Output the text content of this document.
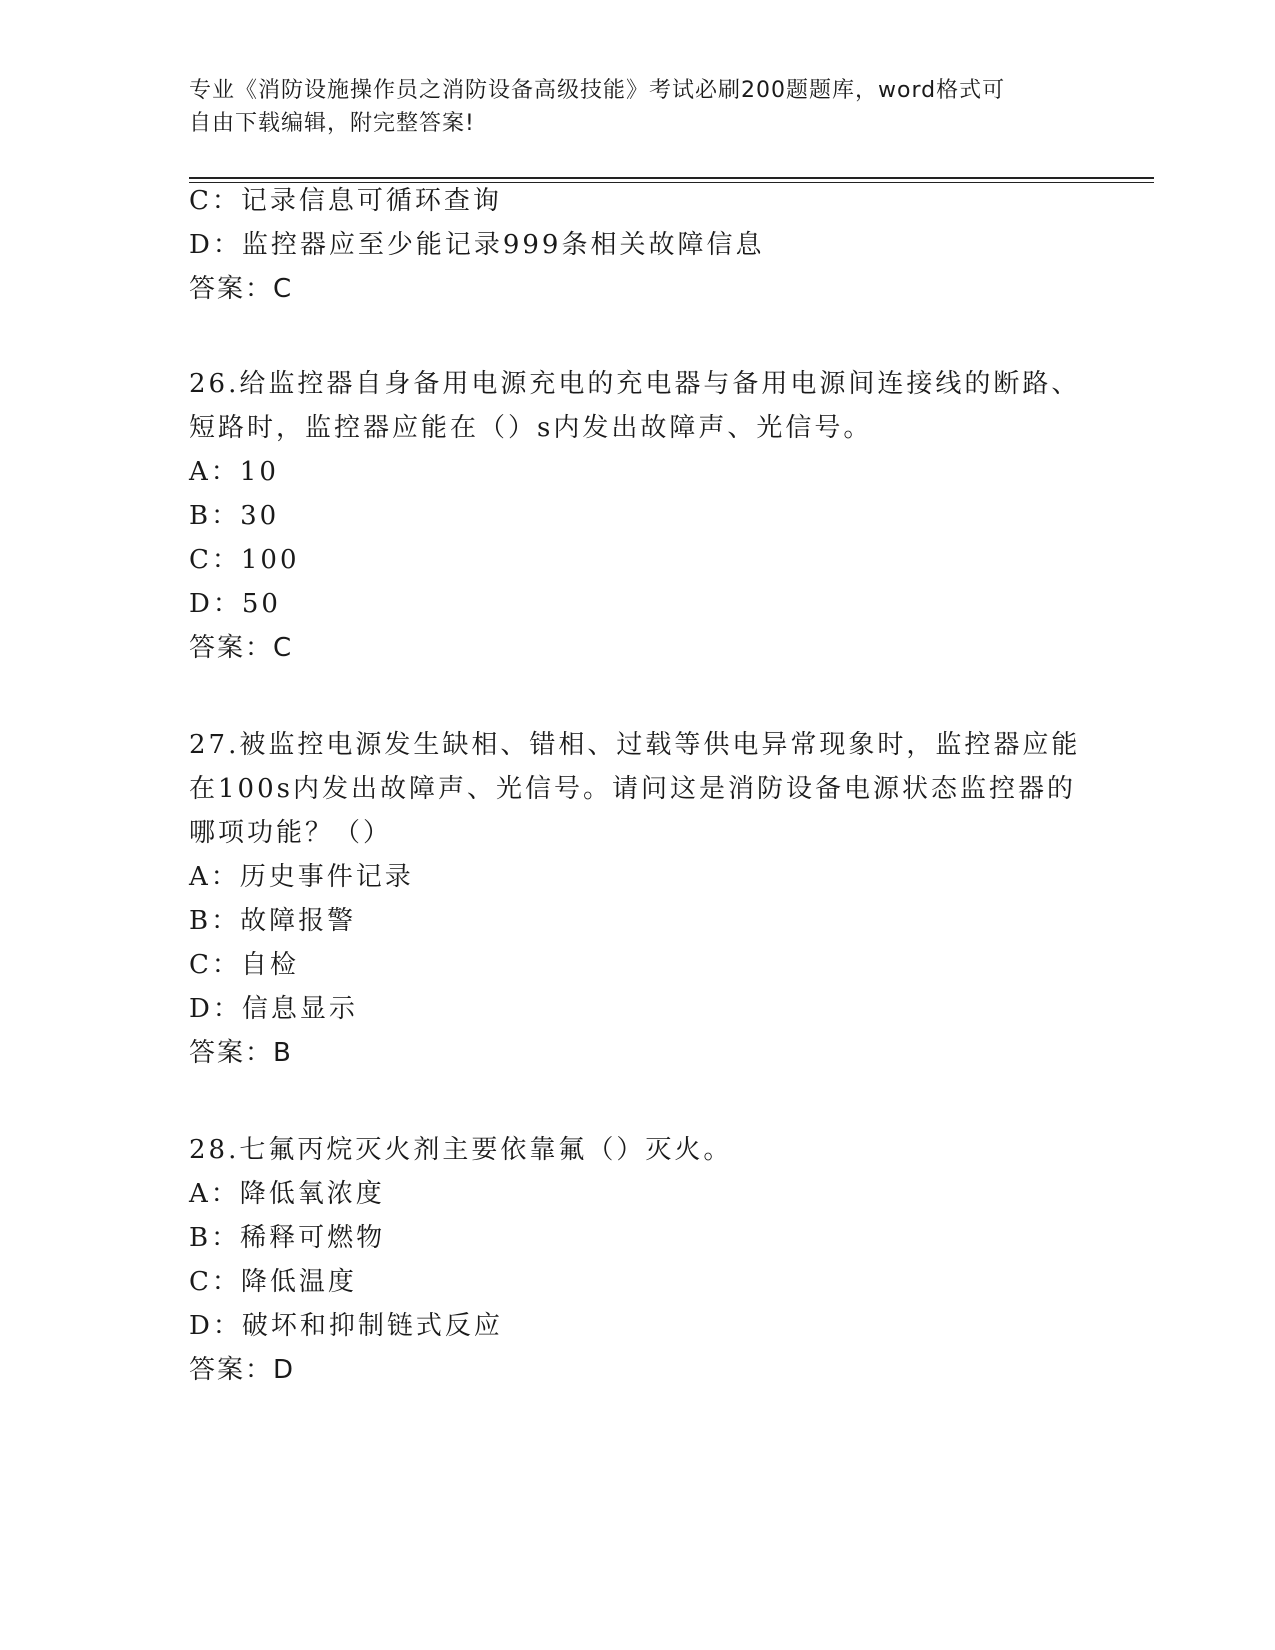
专业《消防设施操作员之消防设备高级技能》考试必刷200题题库，word格式可
自由下载编辑，附完整答案!
C：记录信息可循环查询
D：监控器应至少能记录999条相关故障信息
答案：C
26.给监控器自身备用电源充电的充电器与备用电源间连接线的断路、
短路时，监控器应能在（）s内发出故障声、光信号。
A：10
B：30
C：100
D：50
答案：C
27.被监控电源发生缺相、错相、过载等供电异常现象时，监控器应能
在100s内发出故障声、光信号。请问这是消防设备电源状态监控器的
哪项功能？（）
A：历史事件记录
B：故障报警
C：自检
D：信息显示
答案：B
28.七氟丙烷灭火剂主要依靠氟（）灭火。
A：降低氧浓度
B：稀释可燃物
C：降低温度
D：破坏和抑制链式反应
答案：D
